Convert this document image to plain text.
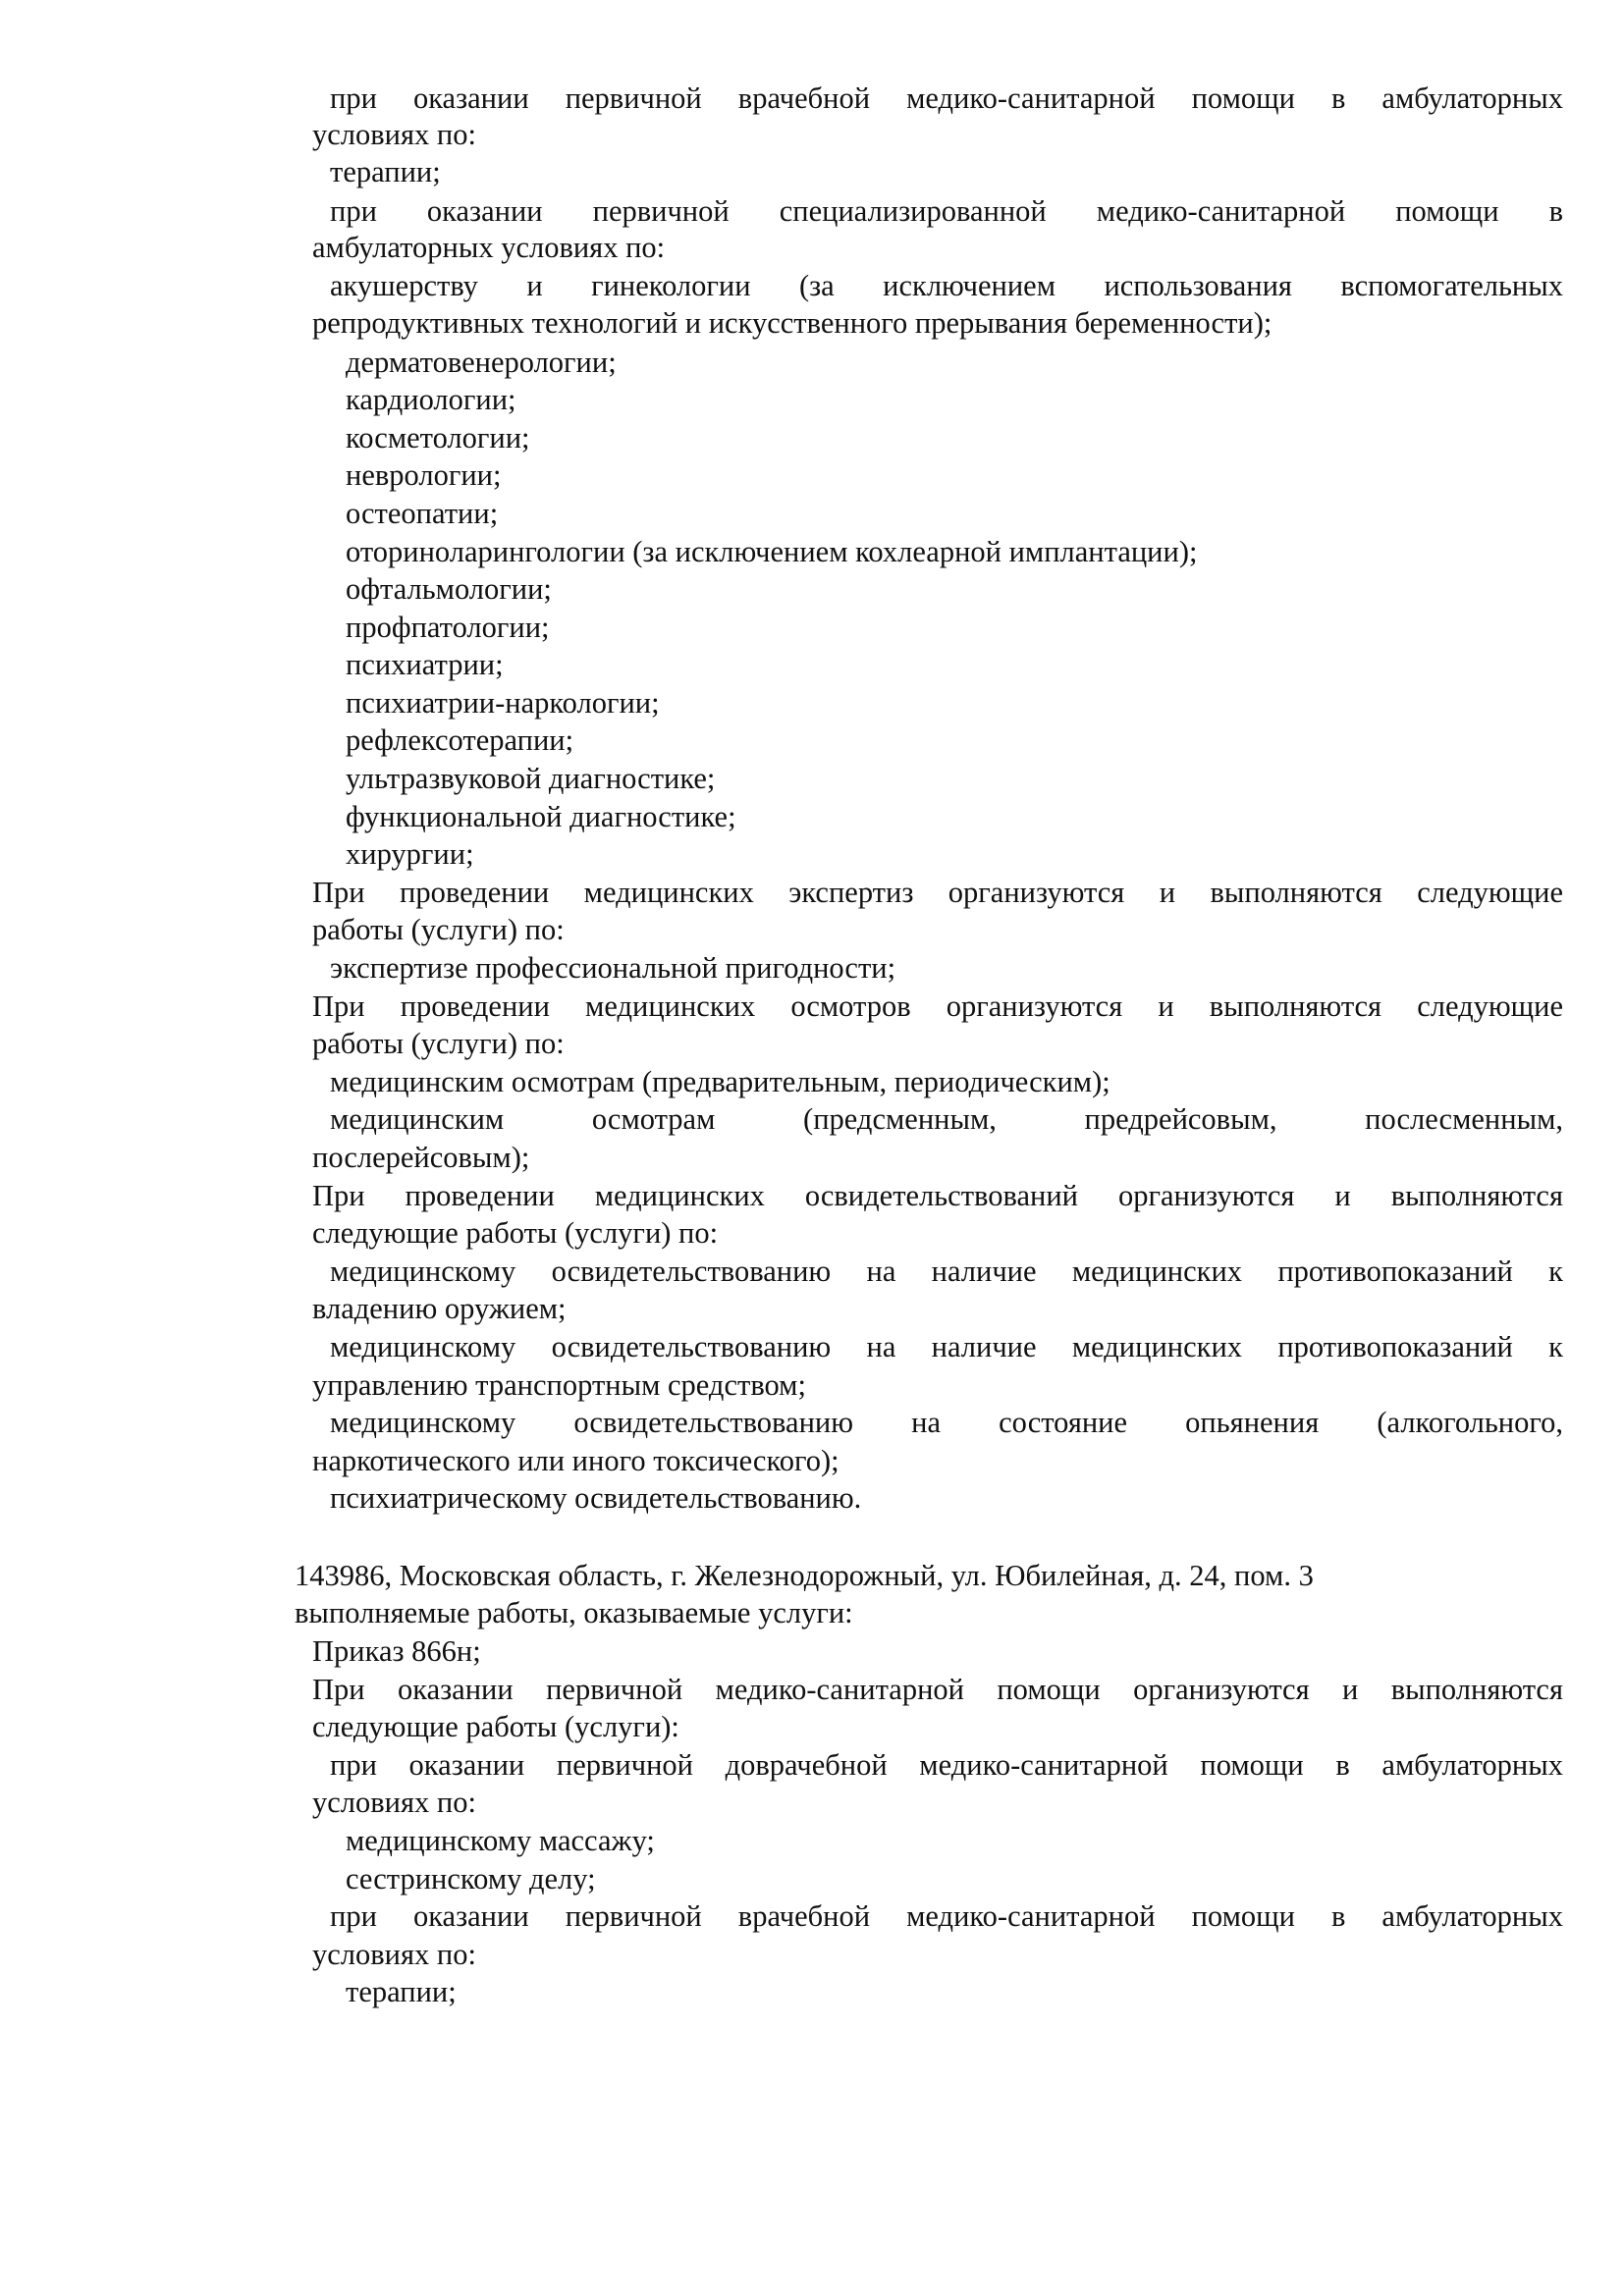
при оказании первичной врачебной медико-санитарной помощи в амбулаторных
условиях по:
терапии;
при оказании первичной специализированной медико-санитарной помощи в
амбулаторных условиях по:
акушерству и гинекологии (за исключением использования вспомогательных
репродуктивных технологий и искусственного прерывания беременности);
дерматовенерологии;
кардиологии;
косметологии;
неврологии;
остеопатии;
оториноларингологии (за исключением кохлеарной имплантации);
офтальмологии;
профпатологии;
психиатрии;
психиатрии-наркологии;
рефлексотерапии;
ультразвуковой диагностике;
функциональной диагностике;
хирургии;
При проведении медицинских экспертиз организуются и выполняются следующие
работы (услуги) по:
экспертизе профессиональной пригодности;
При проведении медицинских осмотров организуются и выполняются следующие
работы (услуги) по:
медицинским осмотрам (предварительным, периодическим);
медицинским осмотрам (предсменным, предрейсовым, послесменным,
послерейсовым);
При проведении медицинских освидетельствований организуются и выполняются
следующие работы (услуги) по:
медицинскому освидетельствованию на наличие медицинских противопоказаний к
владению оружием;
медицинскому освидетельствованию на наличие медицинских противопоказаний к
управлению транспортным средством;
медицинскому освидетельствованию на состояние опьянения (алкогольного,
наркотического или иного токсического);
психиатрическому освидетельствованию.
143986, Московская область, г. Железнодорожный, ул. Юбилейная, д. 24, пом. 3
выполняемые работы, оказываемые услуги:
Приказ 866н;
При оказании первичной медико-санитарной помощи организуются и выполняются
следующие работы (услуги):
при оказании первичной доврачебной медико-санитарной помощи в амбулаторных
условиях по:
медицинскому массажу;
сестринскому делу;
при оказании первичной врачебной медико-санитарной помощи в амбулаторных
условиях по:
терапии;
